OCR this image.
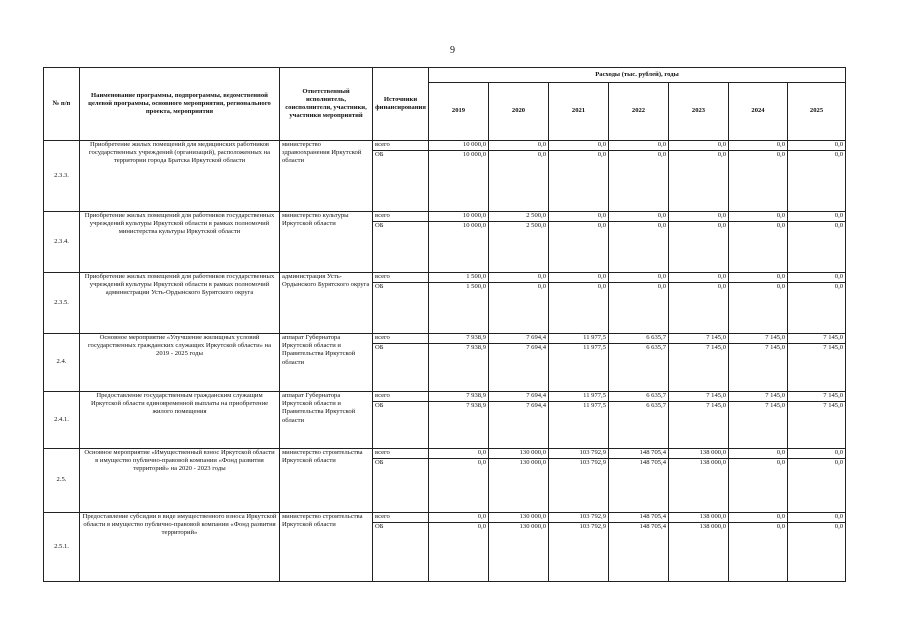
9
№ п/п	Наименование программы, подпрограммы, ведомственной целевой программы, основного мероприятия, регионального проекта, мероприятия	Ответственный исполнитель, соисполнители, участники, участники мероприятий	Источники финансирования	Расходы (тыс. рублей), годы						
				2019	2020	2021	2022	2023	2024	2025
2.3.3.	Приобретение жилых помещений для медицинских работников государственных учреждений (организаций), расположенных на территории города Братска Иркутской области	министерство здравоохранения Иркутской области	всего	10 000,0	0,0	0,0	0,0	0,0	0,0	0,0
			ОБ	10 000,0	0,0	0,0	0,0	0,0	0,0	0,0
2.3.4.	Приобретение жилых помещений для работников государственных учреждений культуры Иркутской области в рамках полномочий министерства культуры Иркутской области	министерство культуры Иркутской области	всего	10 000,0	2 500,0	0,0	0,0	0,0	0,0	0,0
			ОБ	10 000,0	2 500,0	0,0	0,0	0,0	0,0	0,0
2.3.5.	Приобретение жилых помещений для работников государственных учреждений культуры Иркутской области в рамках полномочий администрации Усть-Ордынского Бурятского округа	администрация Усть-Ордынского Бурятского округа	всего	1 500,0	0,0	0,0	0,0	0,0	0,0	0,0
			ОБ	1 500,0	0,0	0,0	0,0	0,0	0,0	0,0
2.4.	Основное мероприятие «Улучшение жилищных условий государственных гражданских служащих Иркутской области» на 2019 - 2025 годы	аппарат Губернатора Иркутской области и Правительства Иркутской области	всего	7 938,9	7 694,4	11 977,5	6 635,7	7 145,0	7 145,0	7 145,0
			ОБ	7 938,9	7 694,4	11 977,5	6 635,7	7 145,0	7 145,0	7 145,0
2.4.1.	Предоставление государственным гражданским служащим Иркутской области единовременной выплаты на приобретение жилого помещения	аппарат Губернатора Иркутской области и Правительства Иркутской области	всего	7 938,9	7 694,4	11 977,5	6 635,7	7 145,0	7 145,0	7 145,0
			ОБ	7 938,9	7 694,4	11 977,5	6 635,7	7 145,0	7 145,0	7 145,0
2.5.	Основное мероприятие «Имущественный взнос Иркутской области в имущество публично-правовой компании «Фонд развития территорий» на 2020 - 2023 годы	министерство строительства Иркутской области	всего	0,0	130 000,0	103 792,9	148 705,4	138 000,0	0,0	0,0
			ОБ	0,0	130 000,0	103 792,9	148 705,4	138 000,0	0,0	0,0
2.5.1.	Предоставление субсидии в виде имущественного взноса Иркутской области в имущество публично-правовой компании «Фонд развития территорий»	министерство строительства Иркутской области	всего	0,0	130 000,0	103 792,9	148 705,4	138 000,0	0,0	0,0
			ОБ	0,0	130 000,0	103 792,9	148 705,4	138 000,0	0,0	0,0
